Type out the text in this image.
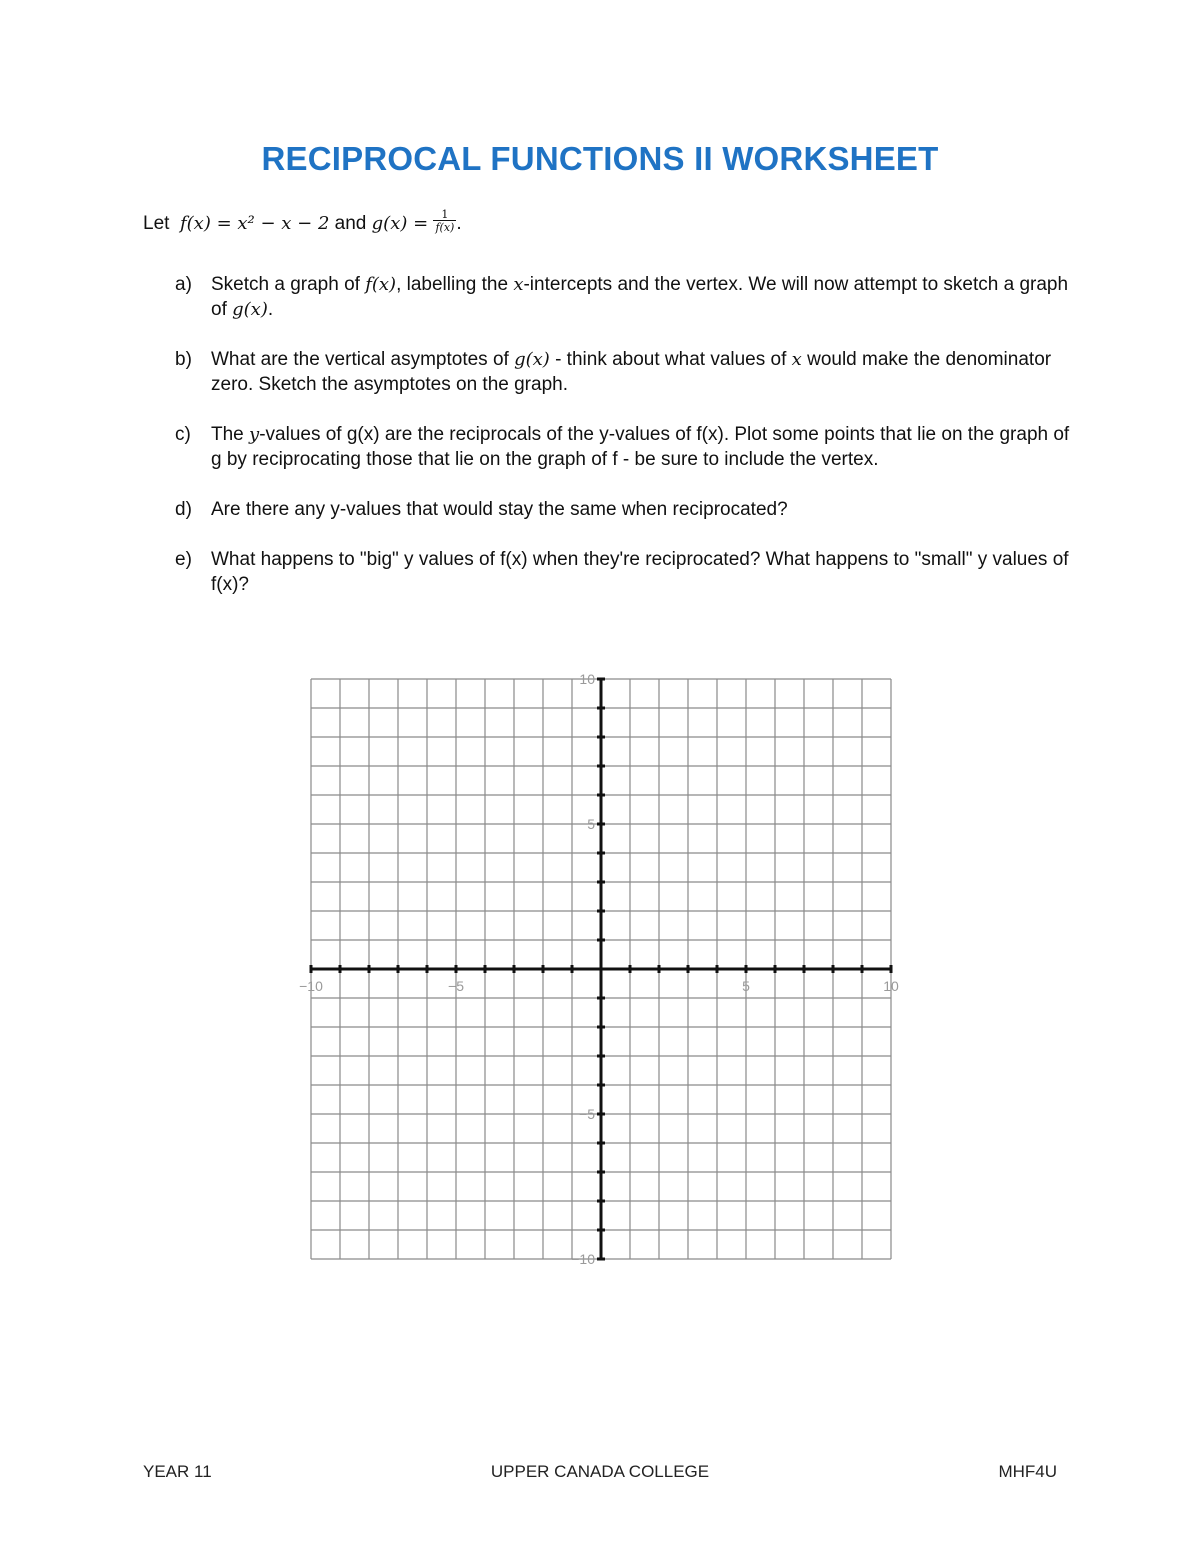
RECIPROCAL FUNCTIONS II WORKSHEET
Let f(x) = x² − x − 2 and $g(x) = \frac{1}{f(x)}$ .
a)	Sketch a graph of f(x), labelling the x-intercepts and the vertex. We will now attempt to sketch a graph of g(x).
b)	What are the vertical asymptotes of g(x) - think about what values of x would make the denominator zero. Sketch the asymptotes on the graph.
c)	The y-values of g(x) are the reciprocals of the y-values of f(x). Plot some points that lie on the graph of g by reciprocating those that lie on the graph of f - be sure to include the vertex.
d)	Are there any y-values that would stay the same when reciprocated?
e)	What happens to "big" y values of f(x) when they're reciprocated? What happens to "small" y values of f(x)?
−10	−5	5	10
10
5
−5
−10
YEAR 11	UPPER CANADA COLLEGE	MHF4U
